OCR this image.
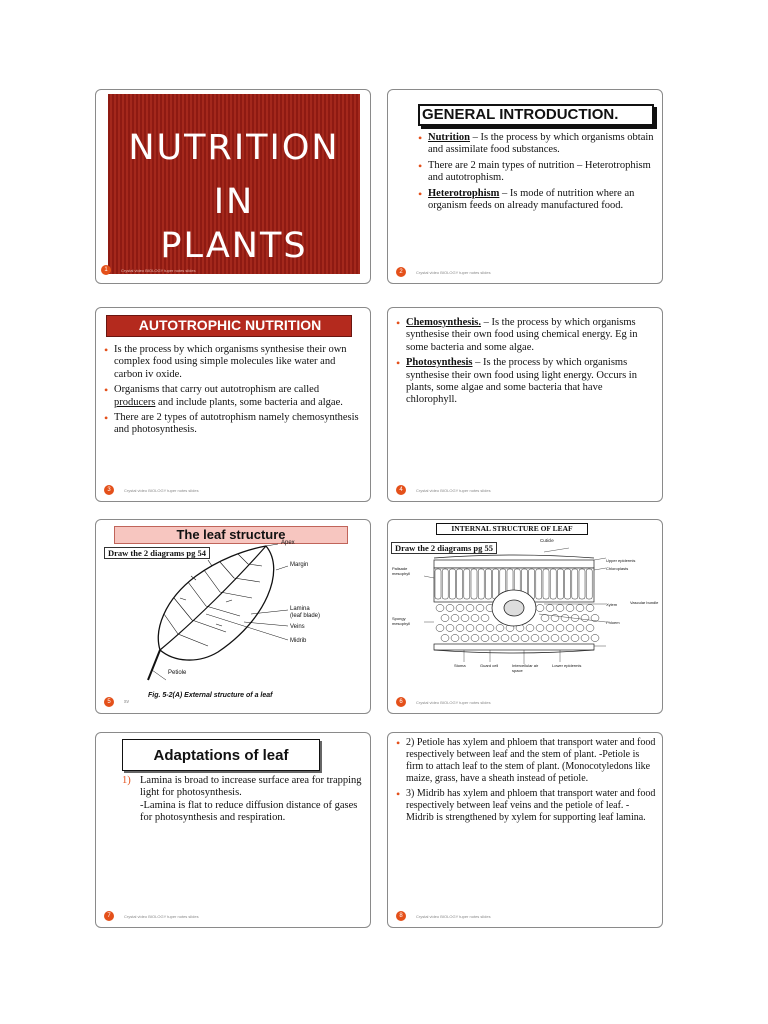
NUTRITION
IN
PLANTS
1	Crystal video BIOLOGY tuper notes slides
GENERAL INTRODUCTION.
• Nutrition – Is the process by which organisms obtain and assimilate food substances.
• There are 2 main types of nutrition – Heterotrophism and autotrophism.
• Heterotrophism – Is mode of nutrition where an organism feeds on already manufactured food.
2	Crystal video BIOLOGY tuper notes slides
AUTOTROPHIC NUTRITION
• Is the process by which organisms synthesise their own complex food using simple molecules like water and carbon iv oxide.
• Organisms that carry out autotrophism are called producers and include plants, some bacteria and algae.
• There are 2 types of autotrophism namely chemosynthesis and photosynthesis.
3	Crystal video BIOLOGY tuper notes slides
• Chemosynthesis. – Is the process by which organisms synthesise their own food using chemical energy. Eg in some bacteria and some algae.
• Photosynthesis – Is the process by which organisms synthesise their own food using light energy. Occurs in plants, some algae and some bacteria that have chlorophyll.
4	Crystal video BIOLOGY tuper notes slides
The leaf structure
Draw the 2 diagrams pg 54
Apex
Margin
Lamina
(leaf blade)
Veins
Midrib
Petiole
Fig. 5-2(A) External structure of a leaf
5	sv
INTERNAL STRUCTURE OF LEAF
Draw the 2 diagrams pg 55
Cuticle
Upper epidermis
Chloroplasts
Palisade mesophyll
Xylem	Vascular bundle
Phloem
Spongy mesophyll
Stoma	Guard cell	Intercellular air space
Lower epidermis
6	Crystal video BIOLOGY tuper notes slides
Adaptations of leaf
1) Lamina is broad to increase surface area for trapping light for photosynthesis.
-Lamina is flat to reduce diffusion distance of gases for photosynthesis and respiration.
7	Crystal video BIOLOGY tuper notes slides
• 2) Petiole has xylem and phloem that transport water and food respectively between leaf and the stem of plant. -Petiole is firm to attach leaf to the stem of plant. (Monocotyledons like maize, grass, have a sheath instead of petiole.
• 3) Midrib has xylem and phloem that transport water and food respectively between leaf veins and the petiole of leaf. - Midrib is strengthened by xylem for supporting leaf lamina.
8	Crystal video BIOLOGY tuper notes slides
